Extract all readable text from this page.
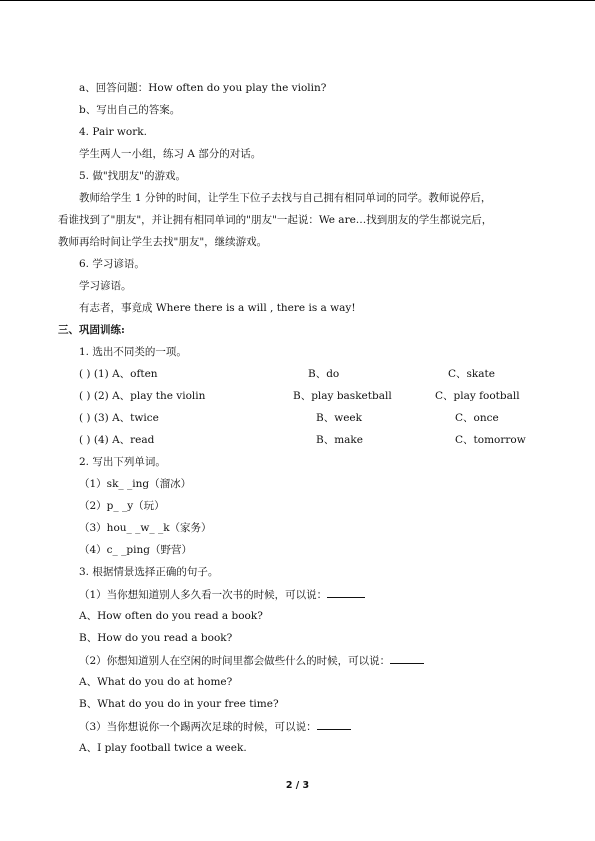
a、回答问题：How often do you play the violin?
b、写出自己的答案。
4. Pair work.
学生两人一小组，练习 A 部分的对话。
5. 做"找朋友"的游戏。
教师给学生 1 分钟的时间，让学生下位子去找与自己拥有相同单词的同学。教师说停后，
看谁找到了"朋友"，并让拥有相同单词的"朋友"一起说：We are…找到朋友的学生都说完后，
教师再给时间让学生去找"朋友"，继续游戏。
6. 学习谚语。
学习谚语。
有志者，事竟成 Where there is a will , there is a way!
三、巩固训练:
1. 选出不同类的一项。
( ) (1) A、often	B、do	C、skate
( ) (2) A、play the violin	B、play basketball	C、play football
( ) (3) A、twice	B、week	C、once
( ) (4) A、read	B、make	C、tomorrow
2. 写出下列单词。
（1）sk_ _ing（溜冰）
（2）p_ _y（玩）
（3）hou_ _w_ _k（家务）
（4）c_ _ping（野营）
3. 根据情景选择正确的句子。
（1）当你想知道别人多久看一次书的时候，可以说：
A、How often do you read a book?
B、How do you read a book?
（2）你想知道别人在空闲的时间里都会做些什么的时候，可以说：
A、What do you do at home?
B、What do you do in your free time?
（3）当你想说你一个踢两次足球的时候，可以说：
A、I play football twice a week.
2 / 3
